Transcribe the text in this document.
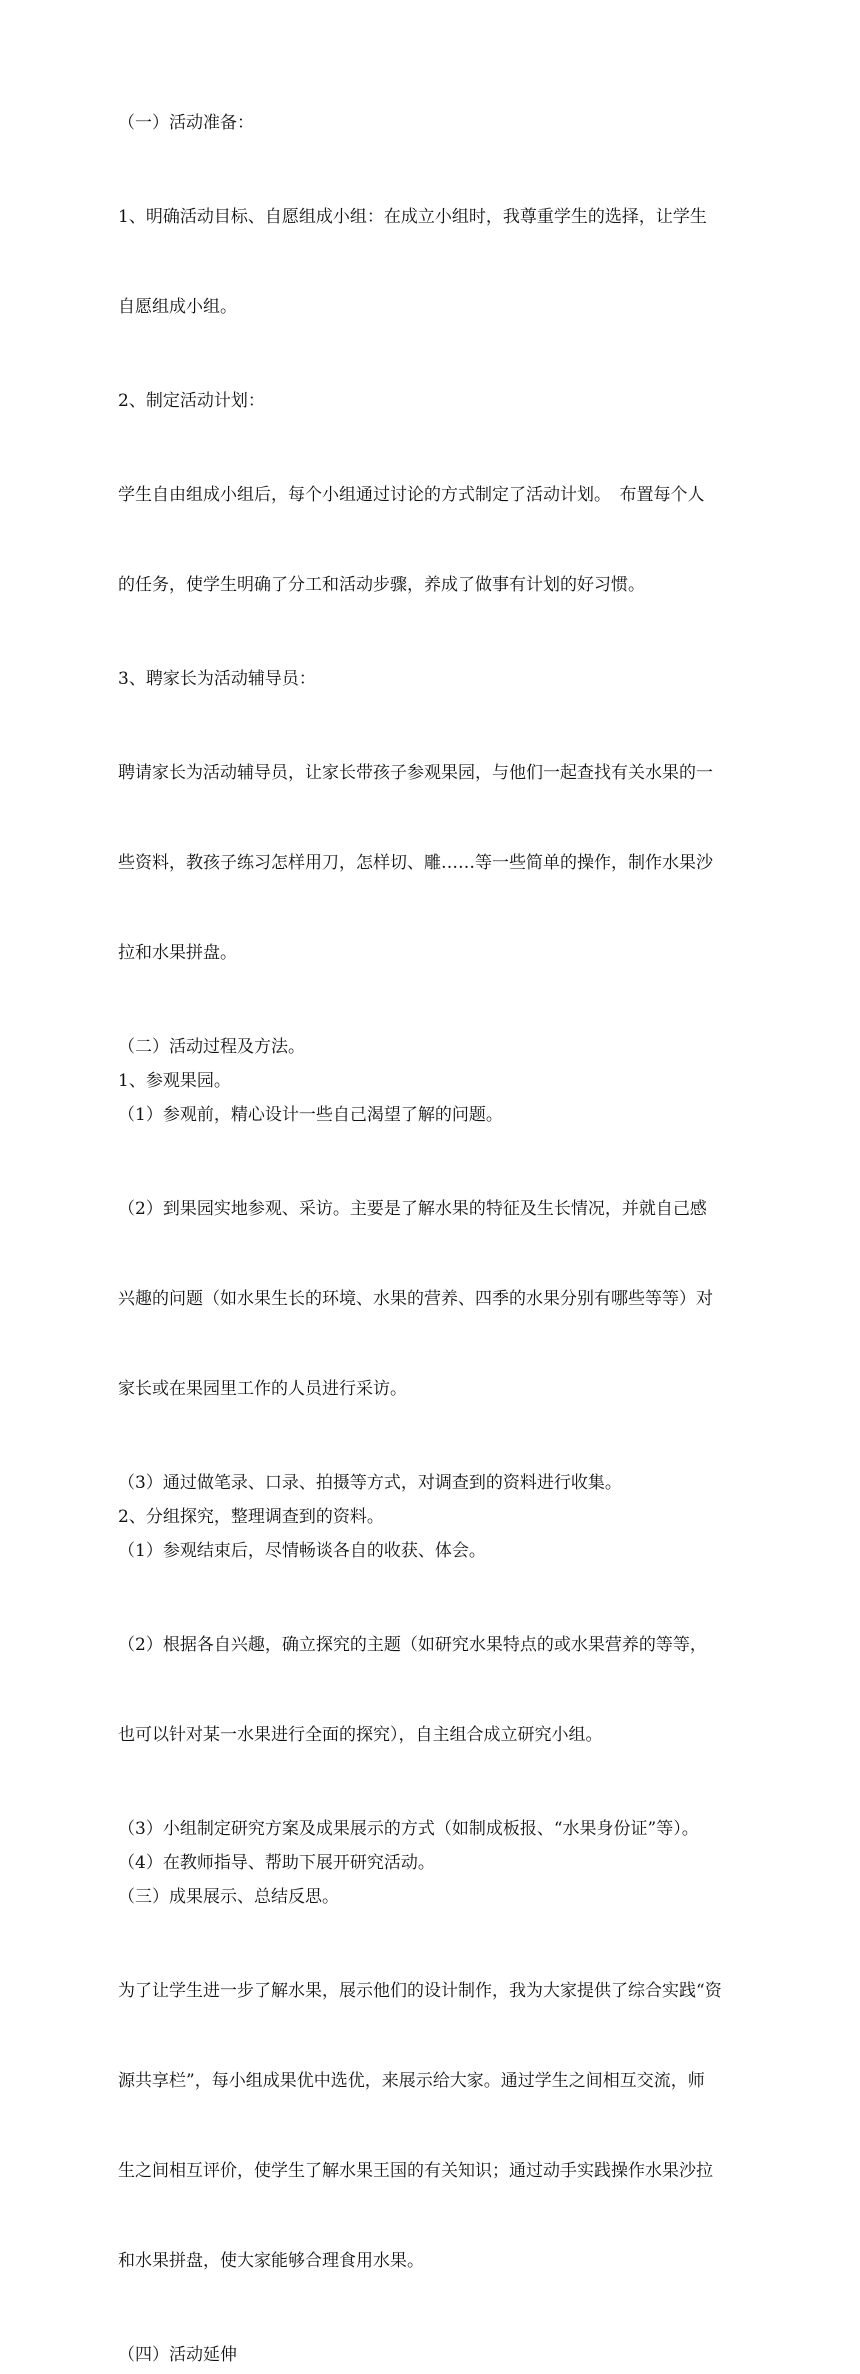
（一）活动准备：

1、明确活动目标、自愿组成小组：在成立小组时，我尊重学生的选择，让学生

自愿组成小组。

2、制定活动计划：

学生自由组成小组后，每个小组通过讨论的方式制定了活动计划。　布置每个人

的任务，使学生明确了分工和活动步骤，养成了做事有计划的好习惯。

3、聘家长为活动辅导员：

聘请家长为活动辅导员，让家长带孩子参观果园，与他们一起查找有关水果的一

些资料，教孩子练习怎样用刀，怎样切、雕……等一些简单的操作，制作水果沙

拉和水果拼盘。

（二）活动过程及方法。
1、参观果园。
（1）参观前，精心设计一些自己渴望了解的问题。

（2）到果园实地参观、采访。主要是了解水果的特征及生长情况，并就自己感

兴趣的问题（如水果生长的环境、水果的营养、四季的水果分别有哪些等等）对

家长或在果园里工作的人员进行采访。

（3）通过做笔录、口录、拍摄等方式，对调查到的资料进行收集。
2、分组探究，整理调查到的资料。
（1）参观结束后，尽情畅谈各自的收获、体会。

（2）根据各自兴趣，确立探究的主题（如研究水果特点的或水果营养的等等，

也可以针对某一水果进行全面的探究），自主组合成立研究小组。

（3）小组制定研究方案及成果展示的方式（如制成板报、“水果身份证”等）。
（4）在教师指导、帮助下展开研究活动。
（三）成果展示、总结反思。

为了让学生进一步了解水果，展示他们的设计制作，我为大家提供了综合实践“资

源共享栏”，每小组成果优中选优，来展示给大家。通过学生之间相互交流，师

生之间相互评价，使学生了解水果王国的有关知识；通过动手实践操作水果沙拉

和水果拼盘，使大家能够合理食用水果。

（四）活动延伸
